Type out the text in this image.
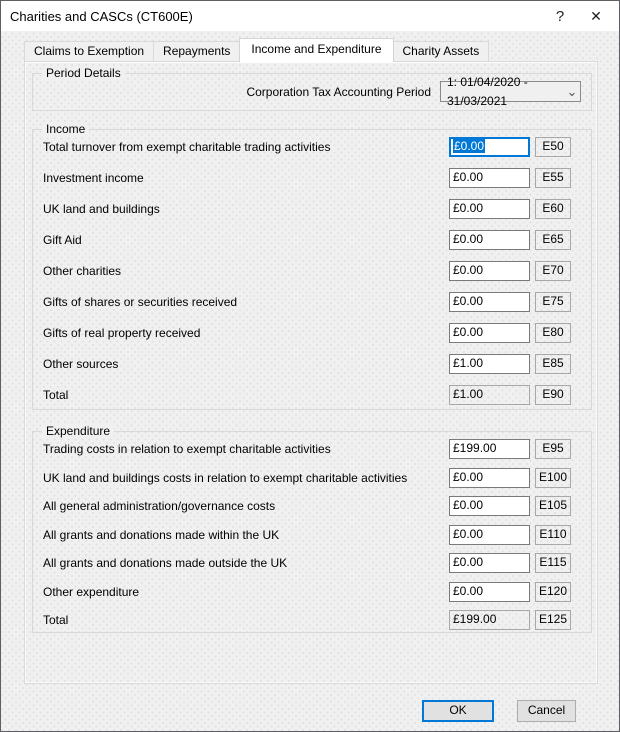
Charities and CASCs (CT600E)	? ✕
Claims to Exemption	Repayments	Income and Expenditure	Charity Assets
Period Details
Corporation Tax Accounting Period
1: 01/04/2020 - 31/03/2021
⌄
Income
Total turnover from exempt charitable trading activities	£0.00	E50
Investment income	£0.00	E55
UK land and buildings	£0.00	E60
Gift Aid	£0.00	E65
Other charities	£0.00	E70
Gifts of shares or securities received	£0.00	E75
Gifts of real property received	£0.00	E80
Other sources	£1.00	E85
Total	£1.00	E90
Expenditure
Trading costs in relation to exempt charitable activities	£199.00	E95
UK land and buildings costs in relation to exempt charitable activities	£0.00	E100
All general administration/governance costs	£0.00	E105
All grants and donations made within the UK	£0.00	E110
All grants and donations made outside the UK	£0.00	E115
Other expenditure	£0.00	E120
Total	£199.00	E125
OK	Cancel
